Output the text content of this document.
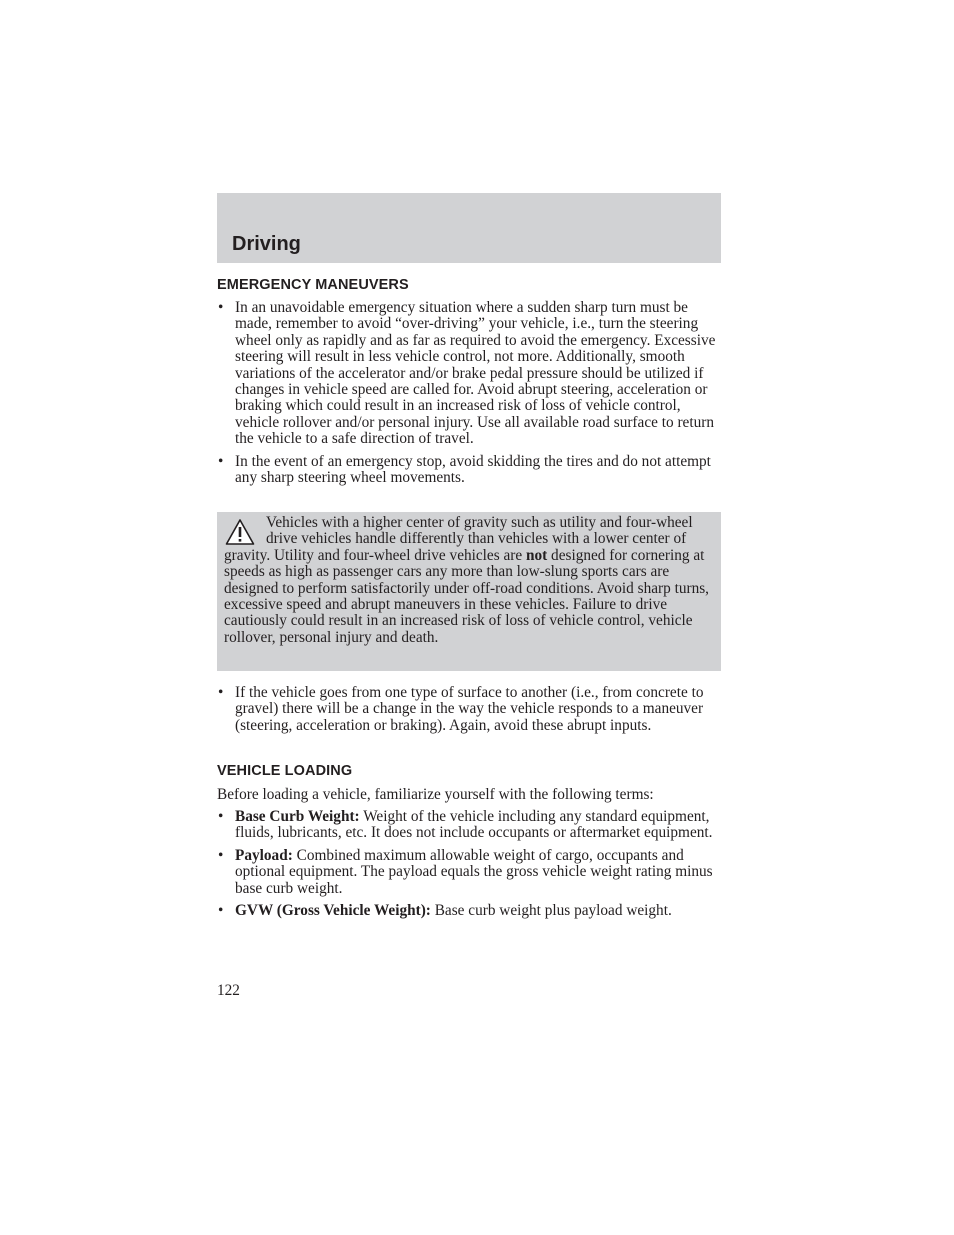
Driving
EMERGENCY MANEUVERS
• In an unavoidable emergency situation where a sudden sharp turn must be made, remember to avoid “over-driving” your vehicle, i.e., turn the steering wheel only as rapidly and as far as required to avoid the emergency. Excessive steering will result in less vehicle control, not more. Additionally, smooth variations of the accelerator and/or brake pedal pressure should be utilized if changes in vehicle speed are called for. Avoid abrupt steering, acceleration or braking which could result in an increased risk of loss of vehicle control, vehicle rollover and/or personal injury. Use all available road surface to return the vehicle to a safe direction of travel.
• In the event of an emergency stop, avoid skidding the tires and do not attempt any sharp steering wheel movements.

Vehicles with a higher center of gravity such as utility and four-wheel drive vehicles handle differently than vehicles with a lower center of gravity. Utility and four-wheel drive vehicles are not designed for cornering at speeds as high as passenger cars any more than low-slung sports cars are designed to perform satisfactorily under off-road conditions. Avoid sharp turns, excessive speed and abrupt maneuvers in these vehicles. Failure to drive cautiously could result in an increased risk of loss of vehicle control, vehicle rollover, personal injury and death.

• If the vehicle goes from one type of surface to another (i.e., from concrete to gravel) there will be a change in the way the vehicle responds to a maneuver (steering, acceleration or braking). Again, avoid these abrupt inputs.
VEHICLE LOADING

Before loading a vehicle, familiarize yourself with the following terms:

• Base Curb Weight: Weight of the vehicle including any standard equipment, fluids, lubricants, etc. It does not include occupants or aftermarket equipment.
• Payload: Combined maximum allowable weight of cargo, occupants and optional equipment. The payload equals the gross vehicle weight rating minus base curb weight.
• GVW (Gross Vehicle Weight): Base curb weight plus payload weight.

122
